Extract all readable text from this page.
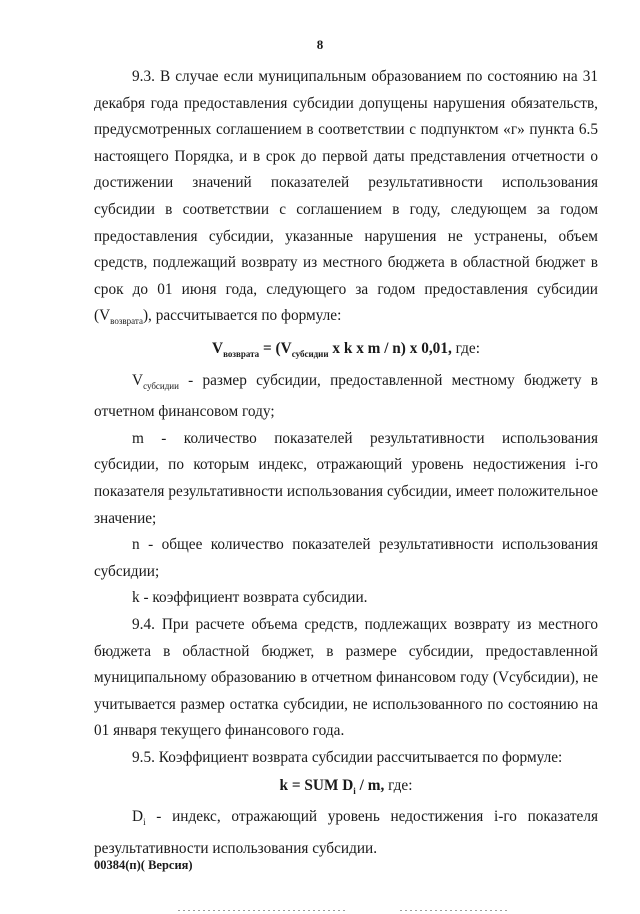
8

9.3. В случае если муниципальным образованием по состоянию на 31 декабря года предоставления субсидии допущены нарушения обязательств, предусмотренных соглашением в соответствии с подпунктом «г» пункта 6.5 настоящего Порядка, и в срок до первой даты представления отчетности о достижении значений показателей результативности использования субсидии в соответствии с соглашением в году, следующем за годом предоставления субсидии, указанные нарушения не устранены, объем средств, подлежащий возврату из местного бюджета в областной бюджет в срок до 01 июня года, следующего за годом предоставления субсидии $(V_{возврата})$, рассчитывается по формуле:

$V_{возврата} = (V_{субсидии}$ x k x m / n) x 0,01, где:

$V_{субсидии}$ - размер субсидии, предоставленной местному бюджету в отчетном финансовом году;

m - количество показателей результативности использования субсидии, по которым индекс, отражающий уровень недостижения i-го показателя результативности использования субсидии, имеет положительное значение;

n - общее количество показателей результативности использования субсидии;

k - коэффициент возврата субсидии.

9.4. При расчете объема средств, подлежащих возврату из местного бюджета в областной бюджет, в размере субсидии, предоставленной муниципальному образованию в отчетном финансовом году (Vсубсидии), не учитывается размер остатка субсидии, не использованного по состоянию на 01 января текущего финансового года.

9.5. Коэффициент возврата субсидии рассчитывается по формуле:

k = SUM $D_i$ / m, где:

$D_i$ - индекс, отражающий уровень недостижения i-го показателя результативности использования субсидии.

00384(п)( Версия)
